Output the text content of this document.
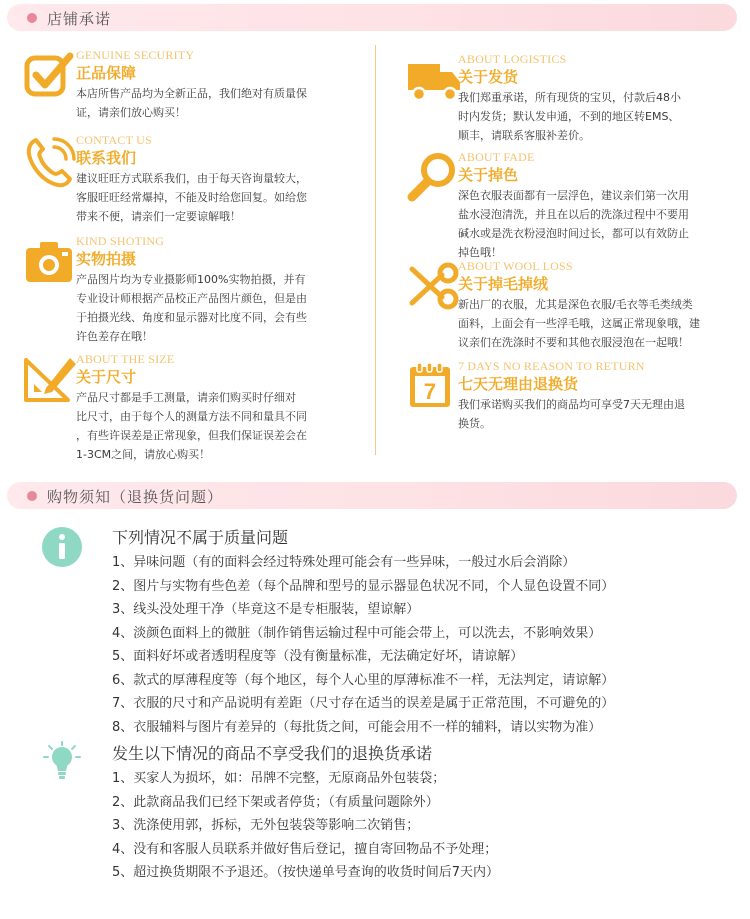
店铺承诺
GENUINE SECURITY
正品保障
本店所售产品均为全新正品，我们绝对有质量保
证，请亲们放心购买！
CONTACT US
联系我们
建议旺旺方式联系我们，由于每天咨询量较大，
客服旺旺经常爆掉，不能及时给您回复。如给您
带来不便，请亲们一定要谅解哦！
KIND SHOTING
实物拍摄
产品图片均为专业摄影师100%实物拍摄，并有
专业设计师根据产品校正产品图片颜色，但是由
于拍摄光线、角度和显示器对比度不同，会有些
许色差存在哦！
ABOUT THE SIZE
关于尺寸
产品尺寸都是手工测量，请亲们购买时仔细对
比尺寸，由于每个人的测量方法不同和量具不同
，有些许误差是正常现象，但我们保证误差会在
1-3CM之间，请放心购买！
ABOUT LOGISTICS
关于发货
我们郑重承诺，所有现货的宝贝，付款后48小
时内发货；默认发申通，不到的地区转EMS、
顺丰，请联系客服补差价。
ABOUT FADE
关于掉色
深色衣服表面都有一层浮色，建议亲们第一次用
盐水浸泡清洗，并且在以后的洗涤过程中不要用
碱水或是洗衣粉浸泡时间过长，都可以有效防止
掉色哦！
ABOUT WOOL LOSS
关于掉毛掉绒
新出厂的衣服，尤其是深色衣服/毛衣等毛类绒类
面料，上面会有一些浮毛哦，这属正常现象哦，建
议亲们在洗涤时不要和其他衣服浸泡在一起哦！
7
7 DAYS NO REASON TO RETURN
七天无理由退换货
我们承诺购买我们的商品均可享受7天无理由退
换货。
购物须知（退换货问题）
下列情况不属于质量问题
1、异味问题（有的面料会经过特殊处理可能会有一些异味，一般过水后会消除）
2、图片与实物有些色差（每个品牌和型号的显示器显色状况不同，个人显色设置不同）
3、线头没处理干净（毕竟这不是专柜服装，望谅解）
4、淡颜色面料上的微脏（制作销售运输过程中可能会带上，可以洗去，不影响效果）
5、面料好坏或者透明程度等（没有衡量标准，无法确定好坏，请谅解）
6、款式的厚薄程度等（每个地区，每个人心里的厚薄标准不一样，无法判定，请谅解）
7、衣服的尺寸和产品说明有差距（尺寸存在适当的误差是属于正常范围，不可避免的）
8、衣服辅料与图片有差异的（每批货之间，可能会用不一样的辅料，请以实物为准）
发生以下情况的商品不享受我们的退换货承诺
1、买家人为损坏，如：吊牌不完整，无原商品外包装袋；
2、此款商品我们已经下架或者停货；（有质量问题除外）
3、洗涤使用郭，拆标，无外包装袋等影响二次销售；
4、没有和客服人员联系并做好售后登记，擅自寄回物品不予处理；
5、超过换货期限不予退还。（按快递单号查询的收货时间后7天内）
